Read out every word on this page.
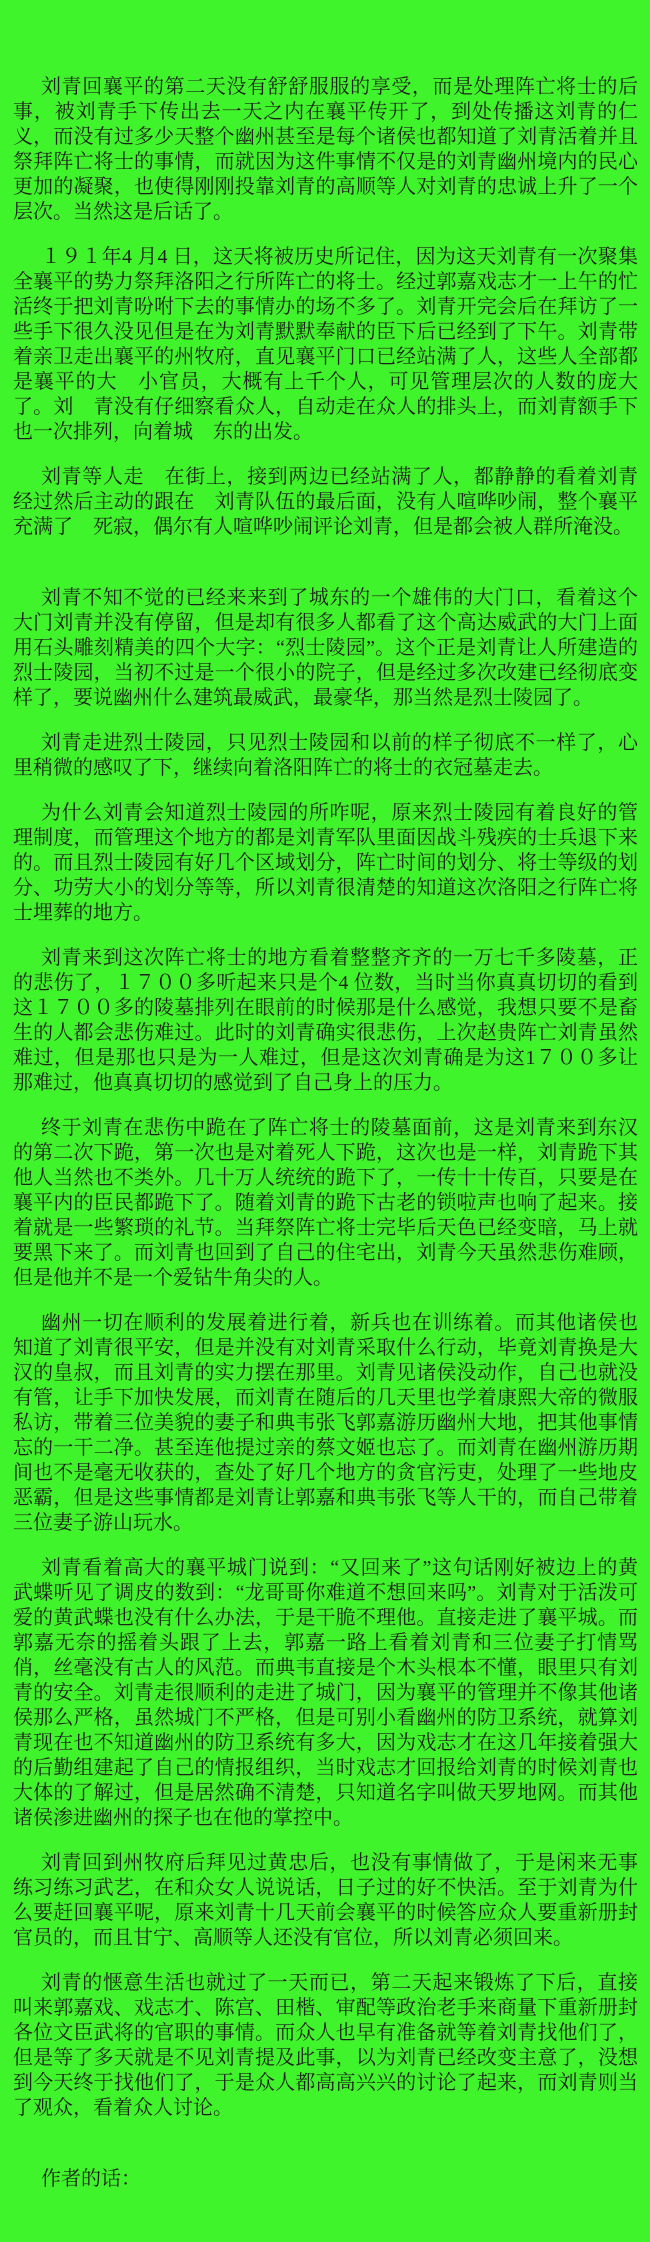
刘青回襄平的第二天没有舒舒服服的享受，而是处理阵亡将士的后事，被刘青手下传出去一天之内在襄平传开了，到处传播这刘青的仁义，而没有过多少天整个幽州甚至是每个诸侯也都知道了刘青活着并且祭拜阵亡将士的事情，而就因为这件事情不仅是的刘青幽州境内的民心更加的凝聚，也使得刚刚投靠刘青的高顺等人对刘青的忠诚上升了一个层次。当然这是后话了。

１９１年4 月4 日，这天将被历史所记住，因为这天刘青有一次聚集全襄平的势力祭拜洛阳之行所阵亡的将士。经过郭嘉戏志才一上午的忙活终于把刘青吩咐下去的事情办的场不多了。刘青开完会后在拜访了一些手下很久没见但是在为刘青默默奉献的臣下后已经到了下午。刘青带着亲卫走出襄平的州牧府，直见襄平门口已经站满了人，这些人全部都是襄平的大　小官员，大概有上千个人，可见管理层次的人数的庞大了。刘　青没有仔细察看众人，自动走在众人的排头上，而刘青额手下也一次排列，向着城　东的出发。

刘青等人走　在街上，接到两边已经站满了人，都静静的看着刘青经过然后主动的跟在　刘青队伍的最后面，没有人喧哗吵闹，整个襄平充满了　死寂，偶尔有人喧哗吵闹评论刘青，但是都会被人群所淹没。

刘青不知不觉的已经来来到了城东的一个雄伟的大门口，看着这个大门刘青并没有停留，但是却有很多人都看了这个高达威武的大门上面用石头雕刻精美的四个大字：“烈士陵园”。这个正是刘青让人所建造的烈士陵园，当初不过是一个很小的院子，但是经过多次改建已经彻底变样了，要说幽州什么建筑最威武，最豪华，那当然是烈士陵园了。

刘青走进烈士陵园，只见烈士陵园和以前的样子彻底不一样了，心里稍微的感叹了下，继续向着洛阳阵亡的将士的衣冠墓走去。

为什么刘青会知道烈士陵园的所咋呢，原来烈士陵园有着良好的管理制度，而管理这个地方的都是刘青军队里面因战斗残疾的士兵退下来的。而且烈士陵园有好几个区域划分，阵亡时间的划分、将士等级的划分、功劳大小的划分等等，所以刘青很清楚的知道这次洛阳之行阵亡将士埋葬的地方。

刘青来到这次阵亡将士的地方看着整整齐齐的一万七千多陵墓，正的悲伤了，１７００多听起来只是个4 位数，当时当你真真切切的看到这１７００多的陵墓排列在眼前的时候那是什么感觉，我想只要不是畜生的人都会悲伤难过。此时的刘青确实很悲伤，上次赵贵阵亡刘青虽然难过，但是那也只是为一人难过，但是这次刘青确是为这1７００多让那难过，他真真切切的感觉到了自己身上的压力。

终于刘青在悲伤中跪在了阵亡将士的陵墓面前，这是刘青来到东汉的第二次下跪，第一次也是对着死人下跪，这次也是一样，刘青跪下其他人当然也不类外。几十万人统统的跪下了，一传十十传百，只要是在襄平内的臣民都跪下了。随着刘青的跪下古老的锁啦声也响了起来。接着就是一些繁琐的礼节。当拜祭阵亡将士完毕后天色已经变暗，马上就要黑下来了。而刘青也回到了自己的住宅出，刘青今天虽然悲伤难顾，但是他并不是一个爱钻牛角尖的人。

幽州一切在顺利的发展着进行着，新兵也在训练着。而其他诸侯也知道了刘青很平安，但是并没有对刘青采取什么行动，毕竟刘青换是大汉的皇叔，而且刘青的实力摆在那里。刘青见诸侯没动作，自己也就没有管，让手下加快发展，而刘青在随后的几天里也学着康熙大帝的微服私访，带着三位美貌的妻子和典韦张飞郭嘉游历幽州大地，把其他事情忘的一干二净。甚至连他提过亲的蔡文姬也忘了。而刘青在幽州游历期间也不是毫无收获的，查处了好几个地方的贪官污吏，处理了一些地皮恶霸，但是这些事情都是刘青让郭嘉和典韦张飞等人干的，而自己带着三位妻子游山玩水。

刘青看着高大的襄平城门说到：“又回来了”这句话刚好被边上的黄武蝶听见了调皮的数到：“龙哥哥你难道不想回来吗”。刘青对于活泼可爱的黄武蝶也没有什么办法，于是干脆不理他。直接走进了襄平城。而郭嘉无奈的摇着头跟了上去，郭嘉一路上看着刘青和三位妻子打情骂俏，丝毫没有古人的风范。而典韦直接是个木头根本不懂，眼里只有刘青的安全。刘青走很顺利的走进了城门，因为襄平的管理并不像其他诸侯那么严格，虽然城门不严格，但是可别小看幽州的防卫系统，就算刘青现在也不知道幽州的防卫系统有多大，因为戏志才在这几年接着强大的后勤组建起了自己的情报组织，当时戏志才回报给刘青的时候刘青也大体的了解过，但是居然确不清楚，只知道名字叫做天罗地网。而其他诸侯渗进幽州的探子也在他的掌控中。

刘青回到州牧府后拜见过黄忠后，也没有事情做了，于是闲来无事练习练习武艺，在和众女人说说话，日子过的好不快活。至于刘青为什么要赶回襄平呢，原来刘青十几天前会襄平的时候答应众人要重新册封官员的，而且甘宁、高顺等人还没有官位，所以刘青必须回来。

刘青的惬意生活也就过了一天而已，第二天起来锻炼了下后，直接叫来郭嘉戏、戏志才、陈宫、田楷、审配等政治老手来商量下重新册封各位文臣武将的官职的事情。而众人也早有准备就等着刘青找他们了，但是等了多天就是不见刘青提及此事，以为刘青已经改变主意了，没想到今天终于找他们了，于是众人都高高兴兴的讨论了起来，而刘青则当了观众，看着众人讨论。

作者的话：
